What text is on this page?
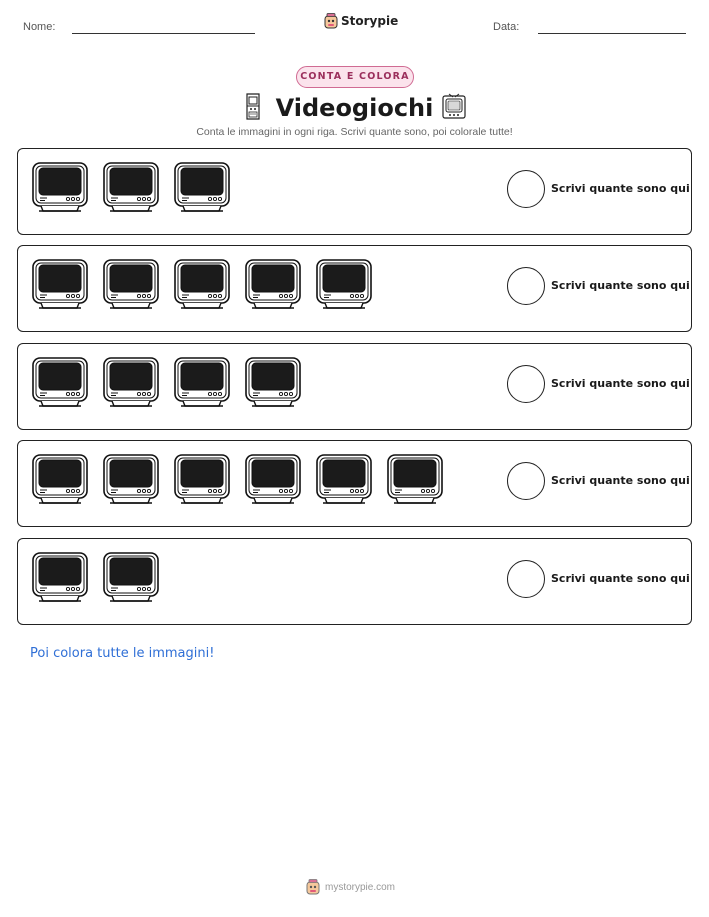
Nome:	Storypie	Data:
CONTA E COLORA
Videogiochi
Conta le immagini in ogni riga. Scrivi quante sono, poi colorale tutte!
Scrivi quante sono qui
Scrivi quante sono qui
Scrivi quante sono qui
Scrivi quante sono qui
Scrivi quante sono qui
Poi colora tutte le immagini!
mystorypie.com
